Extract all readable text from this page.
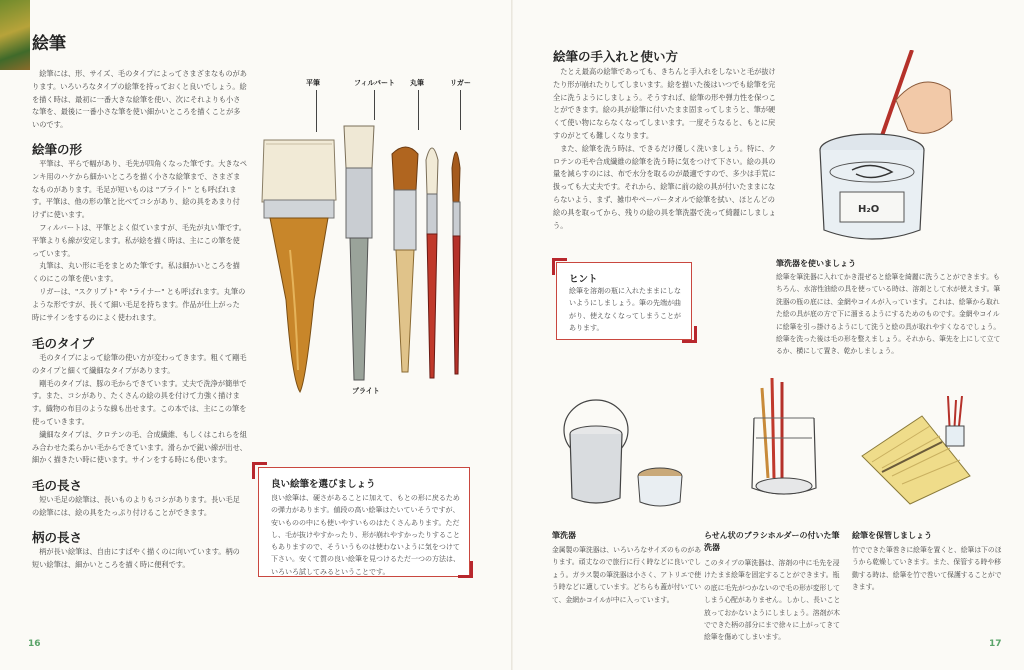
絵筆

絵筆には、形、サイズ、毛のタイプによってさまざまなものがあります。いろいろなタイプの絵筆を持っておくと良いでしょう。絵を描く時は、最初に一番大きな絵筆を使い、次にそれよりも小さな筆を、最後に一番小さな筆を使い細かいところを描くことが多いのです。

絵筆の形

平筆は、平らで幅があり、毛先が四角くなった筆です。大きなペンキ用のハケから細かいところを描く小さな絵筆まで、さまざまなものがあります。毛足が短いものは "ブライト" とも呼ばれます。平筆は、他の形の筆と比べてコシがあり、絵の具をあまり付けずに使います。

フィルバートは、平筆とよく似ていますが、毛先が丸い筆です。平筆よりも線が安定します。私が絵を描く時は、主にこの筆を使っています。

丸筆は、丸い形に毛をまとめた筆です。私は細かいところを描くのにこの筆を使います。

リガーは、"スクリプト" や "ライナー" とも呼ばれます。丸筆のような形ですが、長くて細い毛足を持ちます。作品が仕上がった時にサインをするのによく使われます。

毛のタイプ

毛のタイプによって絵筆の使い方が変わってきます。粗くて剛毛のタイプと細くて繊細なタイプがあります。

剛毛のタイプは、豚の毛からできています。丈夫で洗浄が簡単です。また、コシがあり、たくさんの絵の具を付けて力強く描けます。織物の布目のような線も出せます。この本では、主にこの筆を使っていきます。

繊細なタイプは、クロテンの毛、合成繊維、もしくはこれらを組み合わせた柔らかい毛からできています。滑らかで鋭い線が出せ、細かく描きたい時に使います。サインをする時にも使います。

毛の長さ

短い毛足の絵筆は、長いものよりもコシがあります。長い毛足の絵筆には、絵の具をたっぷり付けることができます。

柄の長さ

柄が長い絵筆は、自由にすばやく描くのに向いています。柄の短い絵筆は、細かいところを描く時に便利です。

平筆	フィルバート 丸筆	リガー
ブライト
良い絵筆を選びましょう
良い絵筆は、硬さがあることに加えて、もとの形に戻るための弾力があります。値段の高い絵筆はたいていそうですが、安いものの中にも使いやすいものはたくさんあります。ただし、毛が抜けやすかったり、形が崩れやすかったりすることもありますので、そういうものは使わないように気をつけて下さい。安くて質の良い絵筆を見つけるただ一つの方法は、いろいろ試してみるということです。
16
絵筆の手入れと使い方

たとえ最高の絵筆であっても、きちんと手入れをしないと毛が抜けたり形が崩れたりしてしまいます。絵を描いた後はいつでも絵筆を完全に洗うようにしましょう。そうすれば、絵筆の形や弾力性を保つことができます。絵の具が絵筆に付いたまま固まってしまうと、筆が硬くて使い物にならなくなってしまいます。一度そうなると、もとに戻すのがとても難しくなります。

また、絵筆を洗う時は、できるだけ優しく洗いましょう。特に、クロテンの毛や合成繊維の絵筆を洗う時に気をつけて下さい。絵の具の量を減らすのには、布で水分を取るのが最適ですので、多少は手荒に扱っても大丈夫です。それから、絵筆に前の絵の具が付いたままにならないよう、まず、雑巾やペーパータオルで絵筆を拭い、ほとんどの絵の具を取ってから、残りの絵の具を筆洗器で洗って綺麗にしましょう。

ヒント
絵筆を溶剤の瓶に入れたままにしないようにしましょう。筆の先端が曲がり、使えなくなってしまうことがあります。
H₂O
筆洗器を使いましょう
絵筆を筆洗器に入れてかき混ぜると絵筆を綺麗に洗うことができます。もちろん、水溶性油絵の具を使っている時は、溶剤として水が使えます。筆洗器の瓶の底には、金網やコイルが入っています。これは、絵筆から取れた絵の具が底の方で下に溜まるようにするためのものです。金網やコイルに絵筆を引っ掛けるようにして洗うと絵の具が取れやすくなるでしょう。絵筆を洗った後は毛の形を整えましょう。それから、筆先を上にして立てるか、横にして置き、乾かしましょう。
筆洗器
金属製の筆洗器は、いろいろなサイズのものがあります。頑丈なので旅行に行く時などに良いでしょう。ガラス製の筆洗器は小さく、アトリエで使う時などに適しています。どちらも蓋が付いていて、金網かコイルが中に入っています。
らせん状のブラシホルダーの付いた筆洗器
このタイプの筆洗器は、溶剤の中に毛先を浸けたまま絵筆を固定することができます。瓶の底に毛先がつかないので毛の形が変形してしまう心配がありません。しかし、長いこと放っておかないようにしましょう。溶剤が木でできた柄の部分にまで徐々に上がってきて絵筆を傷めてしまいます。
絵筆を保管しましょう
竹でできた筆巻きに絵筆を置くと、絵筆は下のほうから乾燥していきます。また、保管する時や移動する時は、絵筆を竹で巻いて保護することができます。
17
